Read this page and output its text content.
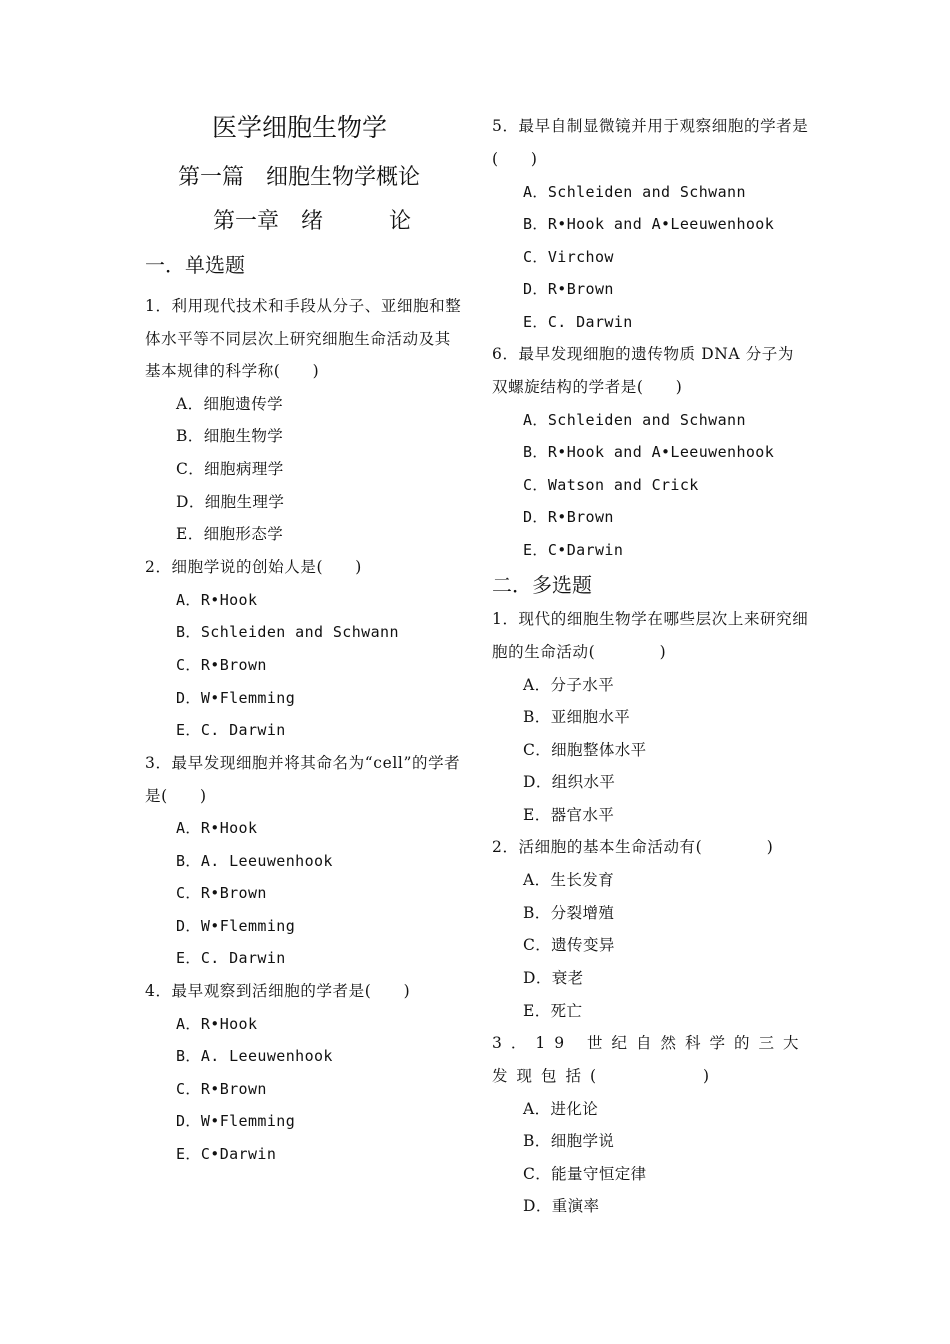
医学细胞生物学
第一篇　细胞生物学概论
第一章　绪　　　论
一．单选题
1．利用现代技术和手段从分子、亚细胞和整体水平等不同层次上研究细胞生命活动及其基本规律的科学称(　　)
A．细胞遗传学
B．细胞生物学
C．细胞病理学
D．细胞生理学
E．细胞形态学
2．细胞学说的创始人是(　　)
A．R•Hook
B．Schleiden and Schwann
C．R•Brown
D．W•Flemming
E．C. Darwin
3．最早发现细胞并将其命名为“cell”的学者是(　　)
A．R•Hook
B．A. Leeuwenhook
C．R•Brown
D．W•Flemming
E．C. Darwin
4．最早观察到活细胞的学者是(　　)
A．R•Hook
B．A. Leeuwenhook
C．R•Brown
D．W•Flemming
E．C•Darwin
5．最早自制显微镜并用于观察细胞的学者是(　　)
A．Schleiden and Schwann
B．R•Hook and A•Leeuwenhook
C．Virchow
D．R•Brown
E．C. Darwin
6．最早发现细胞的遗传物质 DNA 分子为双螺旋结构的学者是(　　)
A．Schleiden and Schwann
B．R•Hook and A•Leeuwenhook
C．Watson and Crick
D．R•Brown
E．C•Darwin
二．多选题
1．现代的细胞生物学在哪些层次上来研究细胞的生命活动(　　　　)
A．分子水平
B．亚细胞水平
C．细胞整体水平
D．组织水平
E．器官水平
2．活细胞的基本生命活动有(　　　　)
A．生长发育
B．分裂增殖
C．遗传变异
D．衰老
E．死亡
3．19 世纪自然科学的三大发现包括(　　　　)
A．进化论
B．细胞学说
C．能量守恒定律
D．重演率
